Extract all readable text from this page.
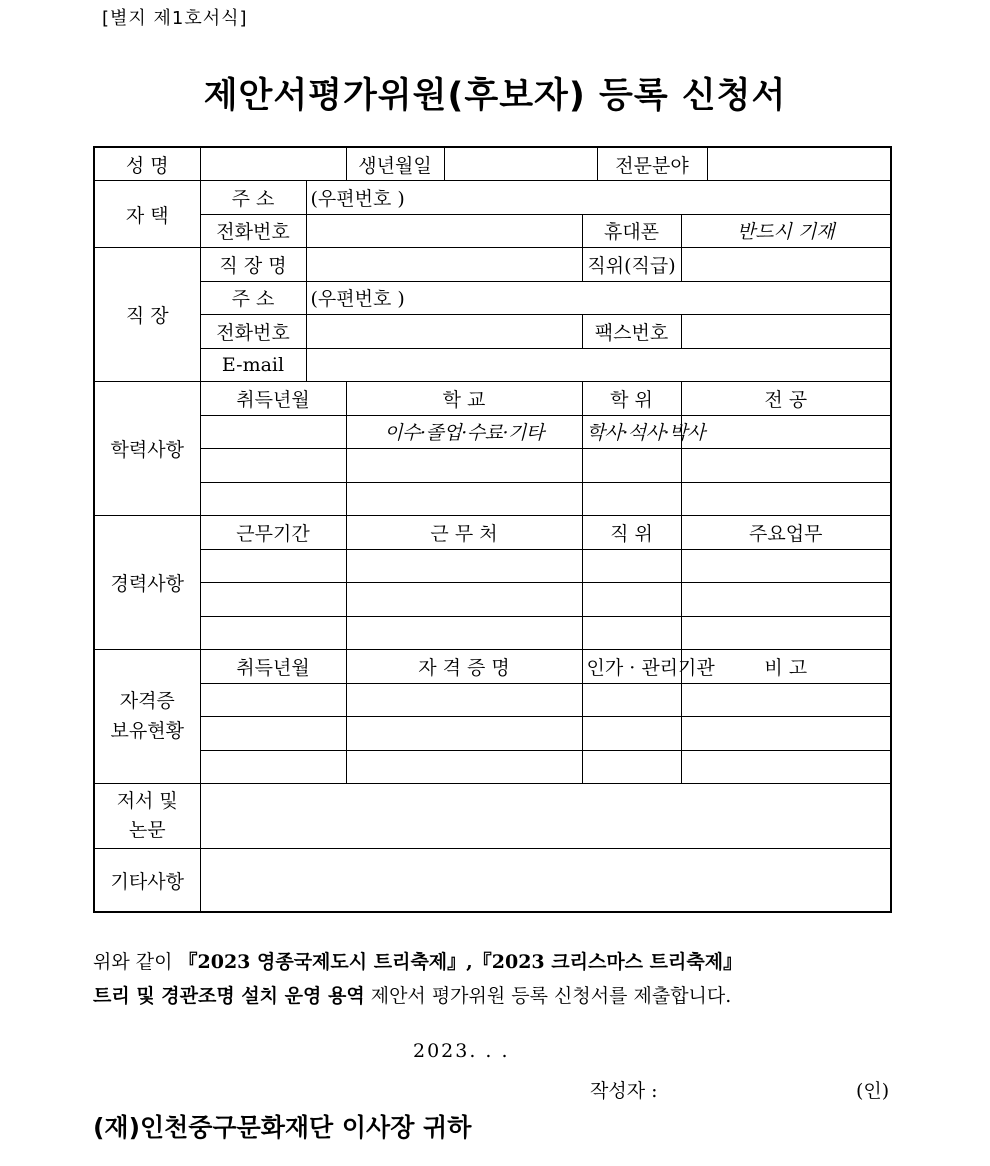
[별지 제1호서식]
제안서평가위원(후보자) 등록 신청서
성 명			생년월일			전문분야		
자 택	주 소	(우편번호 )						
	전화번호				휴대폰		반드시 기재	
직 장	직 장 명				직위(직급)			
	주 소	(우편번호 )						
	전화번호				팩스번호			
	E-mail							
학력사항	취득년월		학 교		학 위		전 공	
			이수·졸업·수료·기타		학사·석사·박사			

경력사항	근무기간		근 무 처		직 위		주요업무	

자격증
보유현황	취득년월		자 격 증 명		인가 · 관리기관		비 고	

저서 및
논문								
기타사항								
위와 같이 『2023 영종국제도시 트리축제』,『2023 크리스마스 트리축제』
트리 및 경관조명 설치 운영 용역 제안서 평가위원 등록 신청서를 제출합니다.
2023. . .
작성자 :	(인)
(재)인천중구문화재단 이사장 귀하
